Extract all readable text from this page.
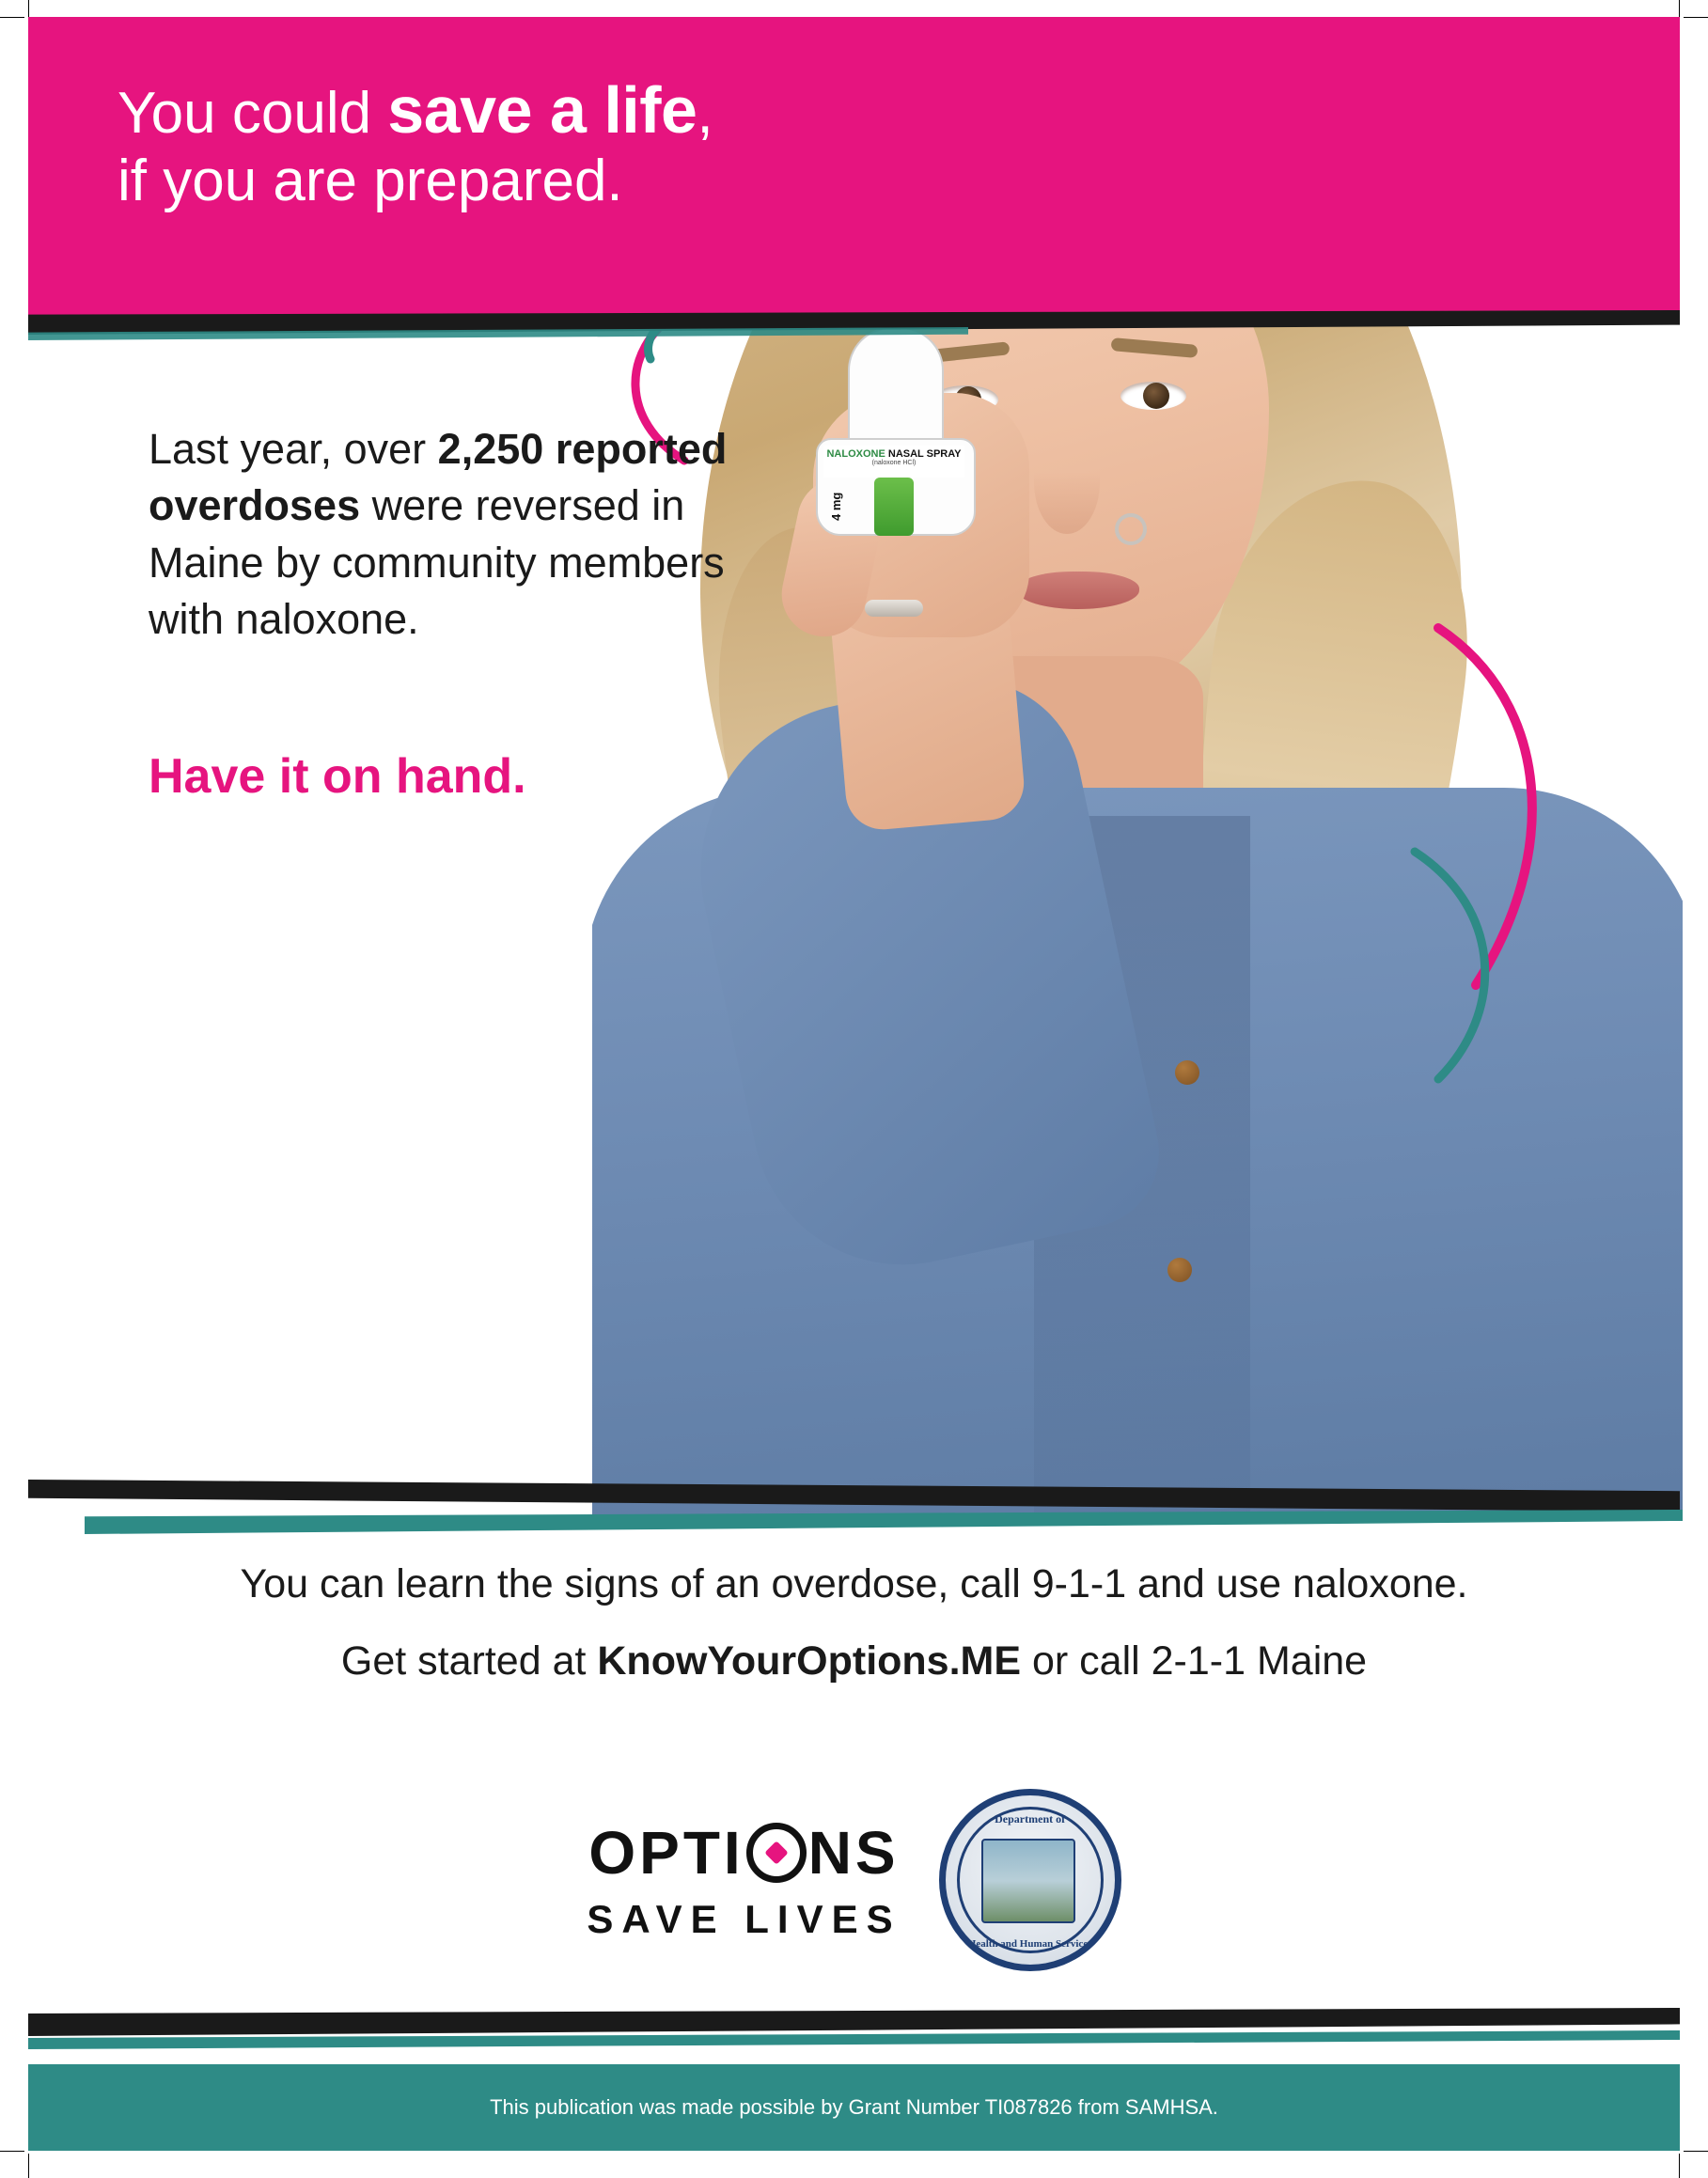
NALOXONE NASAL SPRAY
(naloxone HCl)
4 mg
You could save a life,
if you are prepared.
Last year, over 2,250 reported overdoses were reversed in Maine by community members with naloxone.
Have it on hand.
You can learn the signs of an overdose, call 9-1-1 and use naloxone.
Get started at KnowYourOptions.ME or call 2-1-1 Maine
OPTI NS
SAVE LIVES
Department of
Health and Human Services
This publication was made possible by Grant Number TI087826 from SAMHSA.
